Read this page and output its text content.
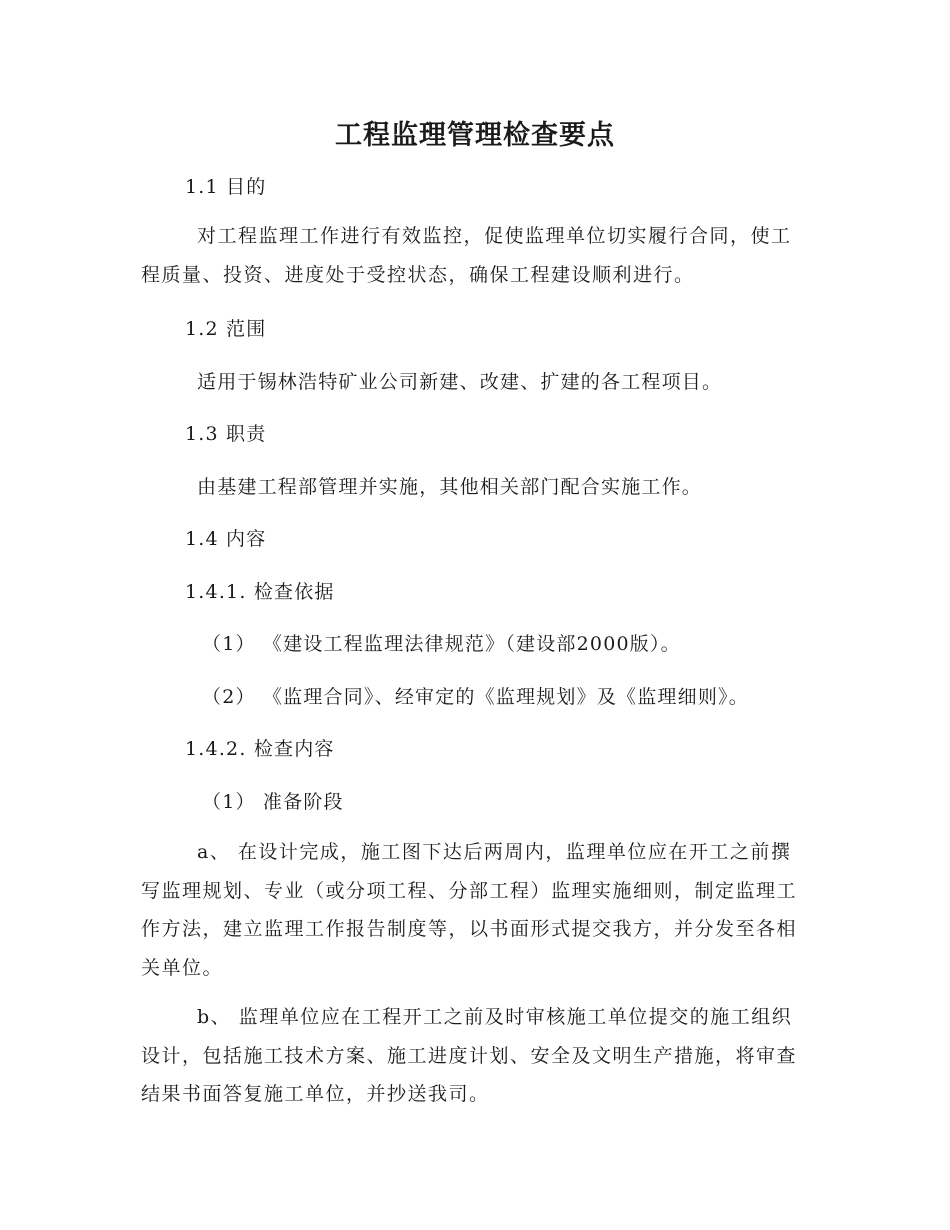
工程监理管理检查要点
1.1 目的
对工程监理工作进行有效监控，促使监理单位切实履行合同，使工程质量、投资、进度处于受控状态，确保工程建设顺利进行。
1.2 范围
适用于锡林浩特矿业公司新建、改建、扩建的各工程项目。
1.3 职责
由基建工程部管理并实施，其他相关部门配合实施工作。
1.4 内容
1.4.1. 检查依据
（1） 《建设工程监理法律规范》（建设部2000版）。
（2） 《监理合同》、经审定的《监理规划》及《监理细则》。
1.4.2. 检查内容
（1） 准备阶段
a、 在设计完成，施工图下达后两周内，监理单位应在开工之前撰写监理规划、专业（或分项工程、分部工程）监理实施细则，制定监理工作方法，建立监理工作报告制度等，以书面形式提交我方，并分发至各相关单位。
b、 监理单位应在工程开工之前及时审核施工单位提交的施工组织设计，包括施工技术方案、施工进度计划、安全及文明生产措施，将审查结果书面答复施工单位，并抄送我司。
